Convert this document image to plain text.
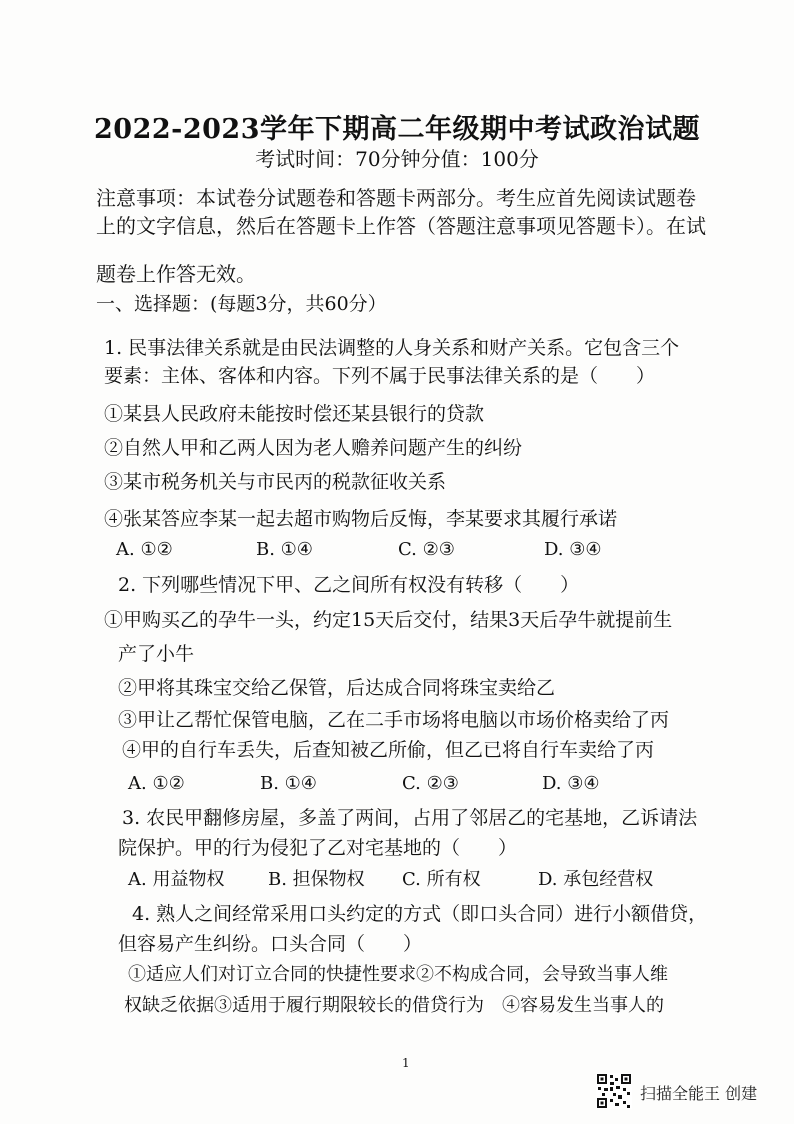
2022-2023学年下期高二年级期中考试政治试题
考试时间：70分钟分值：100分
注意事项：本试卷分试题卷和答题卡两部分。考生应首先阅读试题卷
上的文字信息，然后在答题卡上作答（答题注意事项见答题卡）。在试
题卷上作答无效。
一、选择题：(每题3分，共60分）
1. 民事法律关系就是由民法调整的人身关系和财产关系。它包含三个
要素：主体、客体和内容。下列不属于民事法律关系的是（　　）
①某县人民政府未能按时偿还某县银行的贷款
②自然人甲和乙两人因为老人赡养问题产生的纠纷
③某市税务机关与市民丙的税款征收关系
④张某答应李某一起去超市购物后反悔，李某要求其履行承诺
A. ①②	B. ①④	C. ②③	D. ③④
2. 下列哪些情况下甲、乙之间所有权没有转移（　　）
①甲购买乙的孕牛一头，约定15天后交付，结果3天后孕牛就提前生
产了小牛
②甲将其珠宝交给乙保管，后达成合同将珠宝卖给乙
③甲让乙帮忙保管电脑，乙在二手市场将电脑以市场价格卖给了丙
④甲的自行车丢失，后查知被乙所偷，但乙已将自行车卖给了丙
A. ①②	B. ①④	C. ②③	D. ③④
3. 农民甲翻修房屋，多盖了两间，占用了邻居乙的宅基地，乙诉请法
院保护。甲的行为侵犯了乙对宅基地的（　　）
A. 用益物权 B. 担保物权 C. 所有权	D. 承包经营权
4. 熟人之间经常采用口头约定的方式（即口头合同）进行小额借贷，
但容易产生纠纷。口头合同（　　）
①适应人们对订立合同的快捷性要求②不构成合同，会导致当事人维
权缺乏依据③适用于履行期限较长的借贷行为　④容易发生当事人的
1
扫描全能王 创建
